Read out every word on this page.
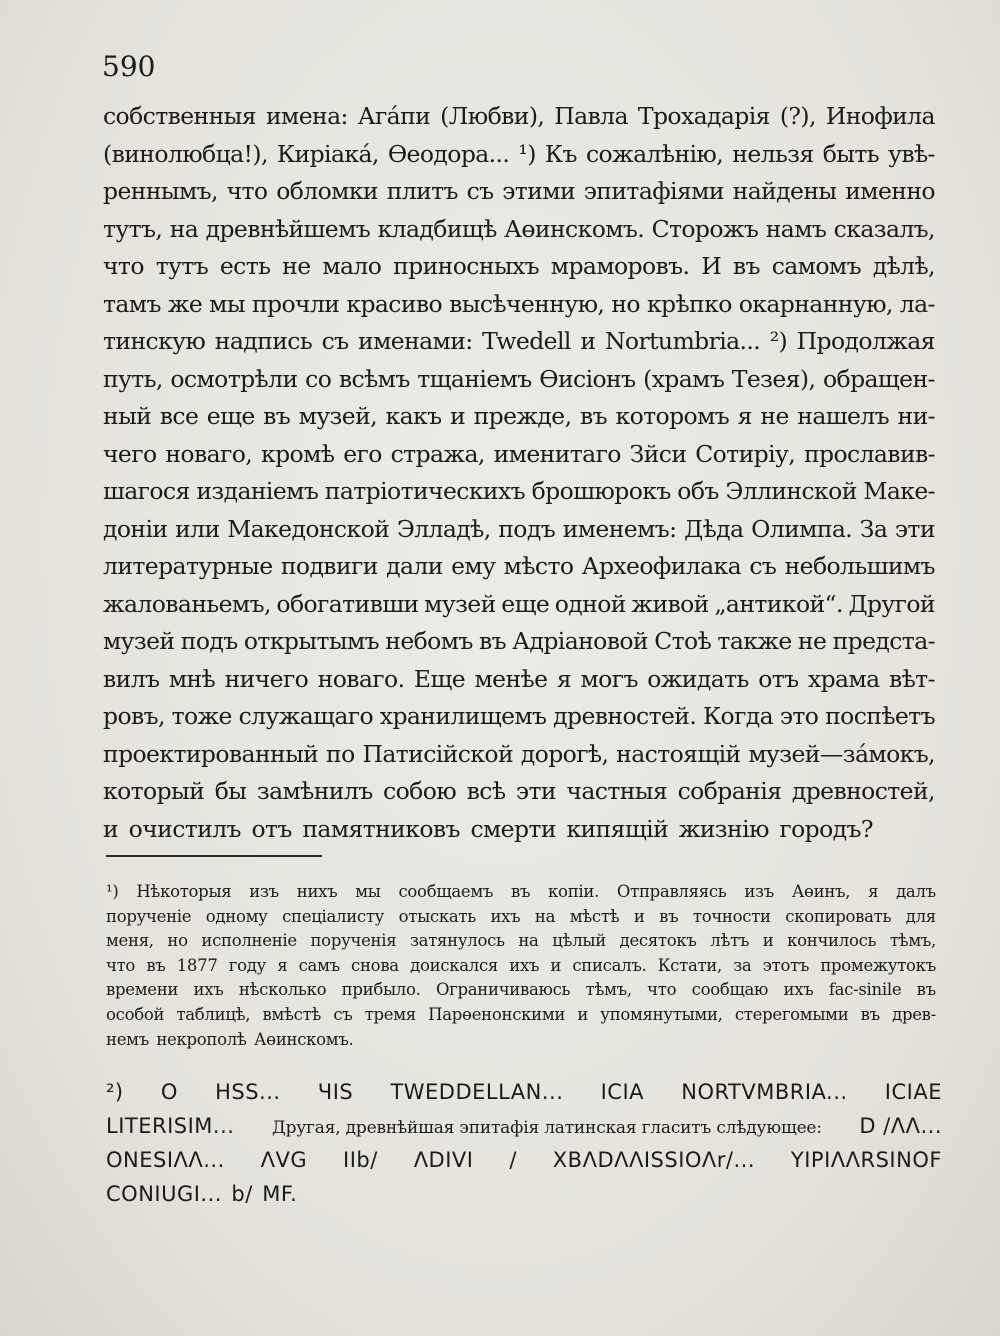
590
собственныя имена: Агáпи (Любви), Павла Трохадарія (?), Инофила
(винолюбца!), Кирiака́, Өеодора... ¹) Къ сожалѣнію, нельзя быть увѣ-
реннымъ, что обломки плитъ съ этими эпитафіями найдены именно
тутъ, на древнѣйшемъ кладбищѣ Аөинскомъ. Сторожъ намъ сказалъ,
что тутъ есть не мало приносныхъ мраморовъ. И въ самомъ дѣлѣ,
тамъ же мы прочли красиво высѣченную, но крѣпко окарнанную, ла-
тинскую надпись съ именами: Twedell и Nortumbria... ²) Продолжая
путь, осмотрѣли со всѣмъ тщаніемъ Өисiонъ (храмъ Тезея), обращен-
ный все еще въ музей, какъ и прежде, въ которомъ я не нашелъ ни-
чего новаго, кромѣ его стража, именитаго Зйси Сотирiу, прославив-
шагося изданіемъ патріотическихъ брошюрокъ объ Эллинской Маке-
доніи или Македонской Элладѣ, подъ именемъ: Дѣда Олимпа. За эти
литературные подвиги дали ему мѣсто Археофилака съ небольшимъ
жалованьемъ, обогативши музей еще одной живой „антикой“. Другой
музей подъ открытымъ небомъ въ Адріановой Стоѣ также не предста-
вилъ мнѣ ничего новаго. Еще менѣе я могъ ожидать отъ храма вѣт-
ровъ, тоже служащаго хранилищемъ древностей. Когда это поспѣетъ
проектированный по Патисiйской дорогѣ, настоящій музей—за́мокъ,
который бы замѣнилъ собою всѣ эти частныя собранія древностей,
и очистилъ отъ памятниковъ смерти кипящій жизнію городъ?
¹) Нѣкоторыя изъ нихъ мы сообщаемъ въ копіи. Отправляясь изъ Аөинъ, я далъ
порученіе одному спеціалисту отыскать ихъ на мѣстѣ и въ точности скопировать для
меня, но исполненіе порученія затянулось на цѣлый десятокъ лѣтъ и кончилось тѣмъ,
что въ 1877 году я самъ снова доискался ихъ и списалъ. Кстати, за этотъ промежутокъ
времени ихъ нѣсколько прибыло. Ограничиваюсь тѣмъ, что сообщаю ихъ fac-sinile въ
особой таблицѣ, вмѣстѣ съ тремя Парөенонскими и упомянутыми, стерегомыми въ древ-
немъ некрополѣ Аөинскомъ.
²) O HSS... ЧIS TWEDDELLAN... ICIA NORTVMBRIA... ICIAE
LITERISIM... Другая, древнѣйшая эпитафія латинская гласитъ слѣдующее: D /ΛΛ...
ONESIΛΛ... ΛVG IIb/ ΛDIVI / XBΛDΛΛISSIOΛr/... YIPIΛΛRSINOF
CONIUGI... b/ MF.
